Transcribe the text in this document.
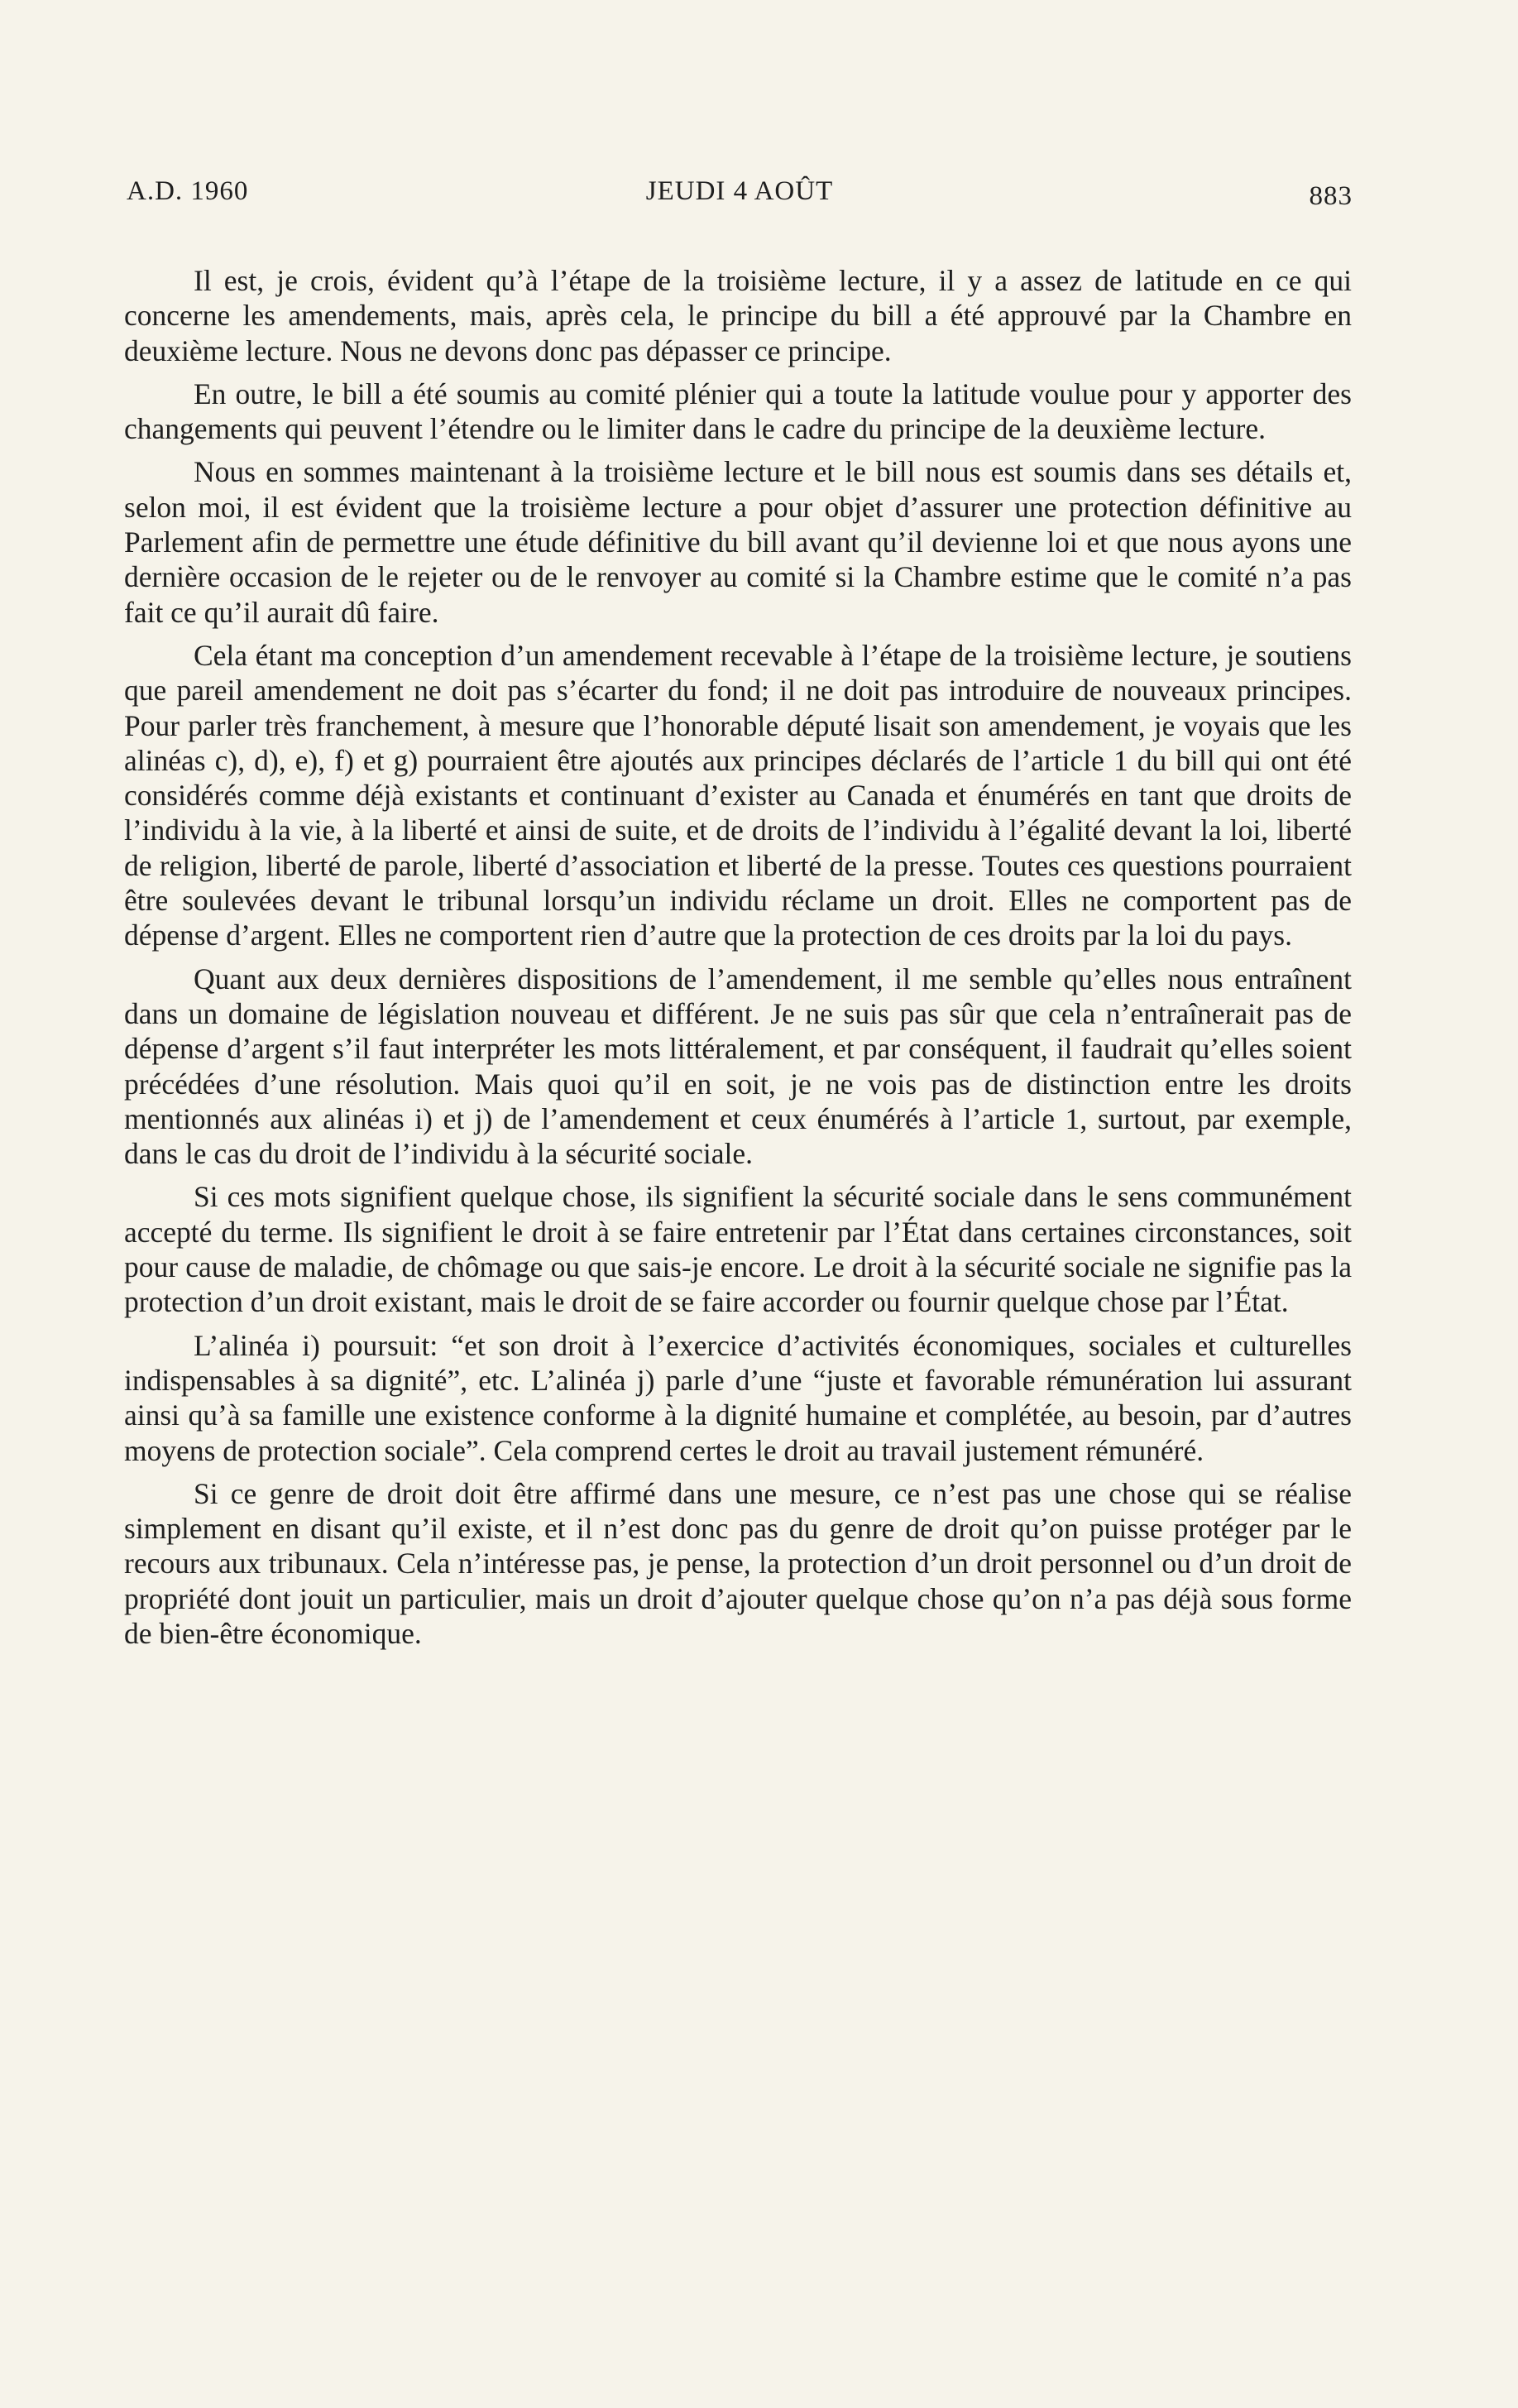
A.D. 1960	JEUDI 4 AOÛT	883

Il est, je crois, évident qu’à l’étape de la troisième lecture, il y a assez de latitude en ce qui concerne les amendements, mais, après cela, le principe du bill a été approuvé par la Chambre en deuxième lecture. Nous ne devons donc pas dépasser ce principe.

En outre, le bill a été soumis au comité plénier qui a toute la latitude voulue pour y apporter des changements qui peuvent l’étendre ou le limiter dans le cadre du principe de la deuxième lecture.

Nous en sommes maintenant à la troisième lecture et le bill nous est soumis dans ses détails et, selon moi, il est évident que la troisième lecture a pour objet d’assurer une protection définitive au Parlement afin de permettre une étude définitive du bill avant qu’il devienne loi et que nous ayons une dernière occasion de le rejeter ou de le renvoyer au comité si la Chambre estime que le comité n’a pas fait ce qu’il aurait dû faire.

Cela étant ma conception d’un amendement recevable à l’étape de la troisième lecture, je soutiens que pareil amendement ne doit pas s’écarter du fond; il ne doit pas introduire de nouveaux principes. Pour parler très franchement, à mesure que l’honorable député lisait son amendement, je voyais que les alinéas c), d), e), f) et g) pourraient être ajoutés aux principes déclarés de l’article 1 du bill qui ont été considérés comme déjà existants et continuant d’exister au Canada et énumérés en tant que droits de l’individu à la vie, à la liberté et ainsi de suite, et de droits de l’individu à l’égalité devant la loi, liberté de religion, liberté de parole, liberté d’association et liberté de la presse. Toutes ces questions pourraient être soulevées devant le tribunal lorsqu’un individu réclame un droit. Elles ne comportent pas de dépense d’argent. Elles ne comportent rien d’autre que la protection de ces droits par la loi du pays.

Quant aux deux dernières dispositions de l’amendement, il me semble qu’elles nous entraînent dans un domaine de législation nouveau et différent. Je ne suis pas sûr que cela n’entraînerait pas de dépense d’argent s’il faut interpréter les mots littéralement, et par conséquent, il faudrait qu’elles soient précédées d’une résolution. Mais quoi qu’il en soit, je ne vois pas de distinction entre les droits mentionnés aux alinéas i) et j) de l’amendement et ceux énumérés à l’article 1, surtout, par exemple, dans le cas du droit de l’individu à la sécurité sociale.

Si ces mots signifient quelque chose, ils signifient la sécurité sociale dans le sens communément accepté du terme. Ils signifient le droit à se faire entretenir par l’État dans certaines circonstances, soit pour cause de maladie, de chômage ou que sais-je encore. Le droit à la sécurité sociale ne signifie pas la protection d’un droit existant, mais le droit de se faire accorder ou fournir quelque chose par l’État.

L’alinéa i) poursuit: “et son droit à l’exercice d’activités économiques, sociales et culturelles indispensables à sa dignité”, etc. L’alinéa j) parle d’une “juste et favorable rémunération lui assurant ainsi qu’à sa famille une existence conforme à la dignité humaine et complétée, au besoin, par d’autres moyens de protection sociale”. Cela comprend certes le droit au travail justement rémunéré.

Si ce genre de droit doit être affirmé dans une mesure, ce n’est pas une chose qui se réalise simplement en disant qu’il existe, et il n’est donc pas du genre de droit qu’on puisse protéger par le recours aux tribunaux. Cela n’intéresse pas, je pense, la protection d’un droit personnel ou d’un droit de propriété dont jouit un particulier, mais un droit d’ajouter quelque chose qu’on n’a pas déjà sous forme de bien-être économique.
